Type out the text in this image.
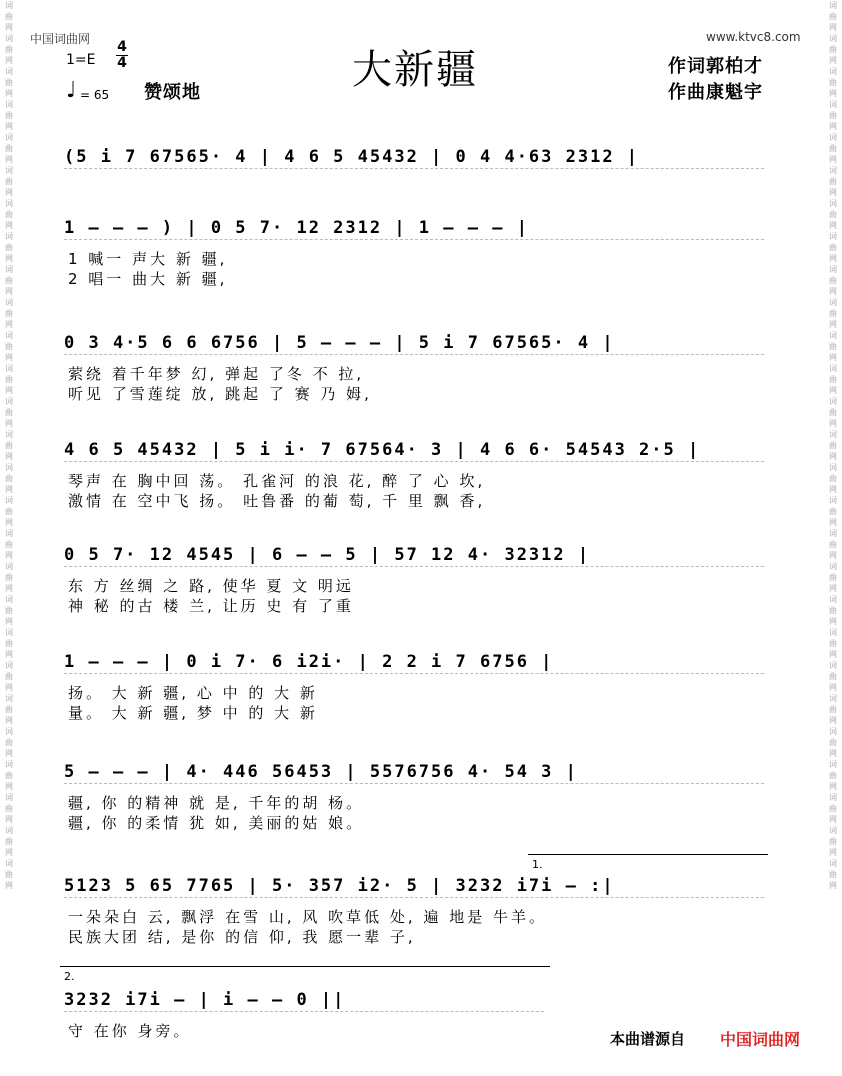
词曲网词曲网词曲网词曲网词曲网词曲网词曲网词曲网词曲网词曲网词曲网词曲网词曲网词曲网词曲网词曲网词曲网词曲网词曲网词曲网词曲网词曲网词曲网词曲网词曲网词曲网词曲网
词曲网词曲网词曲网词曲网词曲网词曲网词曲网词曲网词曲网词曲网词曲网词曲网词曲网词曲网词曲网词曲网词曲网词曲网词曲网词曲网词曲网词曲网词曲网词曲网词曲网词曲网词曲网
中国词曲网	www.ktvc8.com
1=E
4
4
♩ = 65 赞颂地	大新疆	作词郭柏才
作曲康魁宇
(5 i 7 67565· 4 | 4 6 5 45432 | 0 4 4·63 2312 |
1 – – – ) | 0 5 7· 12 2312 | 1 – – – |
1 喊一 声大 新 疆,
2 唱一 曲大 新 疆,
0 3 4·5 6 6 6756 | 5 – – – | 5 i 7 67565· 4 |
萦绕 着千年梦 幻, 弹起 了冬 不 拉,
听见 了雪莲绽 放, 跳起 了 赛 乃 姆,
4 6 5 45432 | 5 i i· 7 67564· 3 | 4 6 6· 54543 2·5 |
琴声 在 胸中回 荡。 孔雀河 的浪 花, 醉 了 心 坎,
激情 在 空中飞 扬。 吐鲁番 的葡 萄, 千 里 飘 香,
0 5 7· 12 4545 | 6 – – 5 | 57 12 4· 32312 |
东 方 丝绸 之 路, 使华 夏 文 明远
神 秘 的古 楼 兰, 让历 史 有 了重
1 – – – | 0 i 7· 6 i2i· | 2 2 i 7 6756 |
扬。 大 新 疆, 心 中 的 大 新
量。 大 新 疆, 梦 中 的 大 新
5 – – – | 4· 446 56453 | 5576756 4· 54 3 |
疆, 你 的精神 就 是, 千年的胡 杨。
疆, 你 的柔情 犹 如, 美丽的姑 娘。
5123 5 65 7765 | 5· 357 i2· 5 | 3232 i7i – :|
一朵朵白 云, 飘浮 在雪 山, 风 吹草低 处, 遍 地是 牛羊。
民族大团 结, 是你 的信 仰, 我 愿一辈 子,
3232 i7i – | i – – 0 ||
守 在你 身旁。
1.
2.
本曲谱源自 中国词曲网
